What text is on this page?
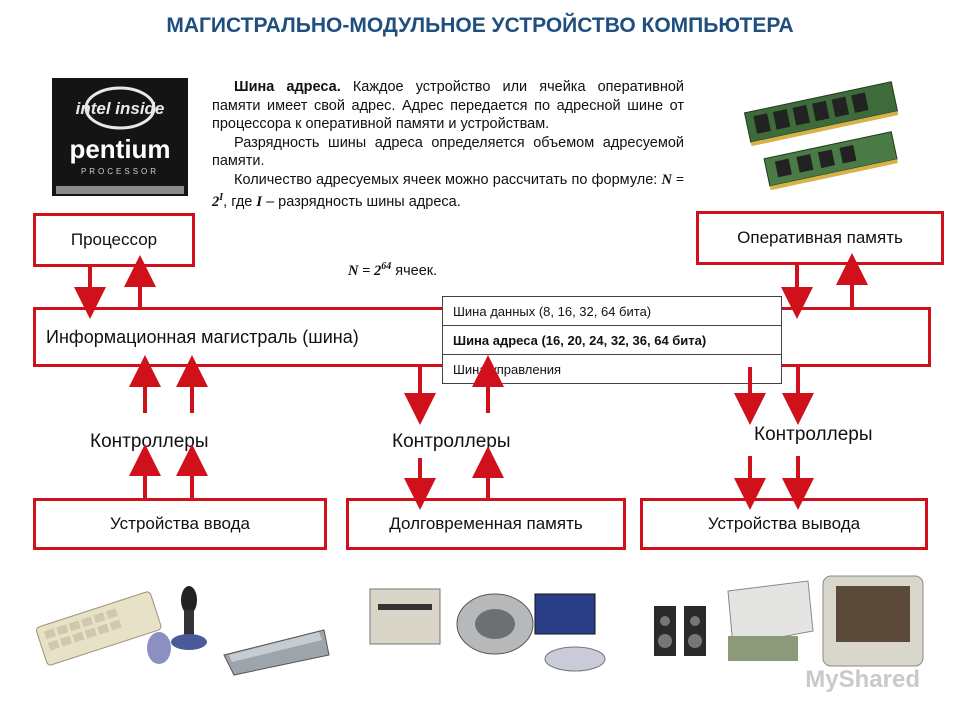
МАГИСТРАЛЬНО-МОДУЛЬНОЕ УСТРОЙСТВО КОМПЬЮТЕРА
intel inside
pentium
PROCESSOR

Шина адреса. Каждое устройство или ячейка оперативной памяти имеет свой адрес. Адрес передается по адресной шине от процессора к оперативной памяти и устройствам.

Разрядность шины адреса определяется объемом адресуемой памяти.

Количество адресуемых ячеек можно рассчитать по формуле: $N = 2^I$, где I – разрядность шины адреса.

$N = 2^{64}$ ячеек.
Процессор	Оперативная память
Информационная магистраль (шина)
Устройства ввода	Долговременная память	Устройства вывода
Шина данных (8, 16, 32, 64 бита)
Шина адреса (16, 20, 24, 32, 36, 64 бита)
Шина управления
Контроллеры	Контроллеры	Контроллеры
MyShared
